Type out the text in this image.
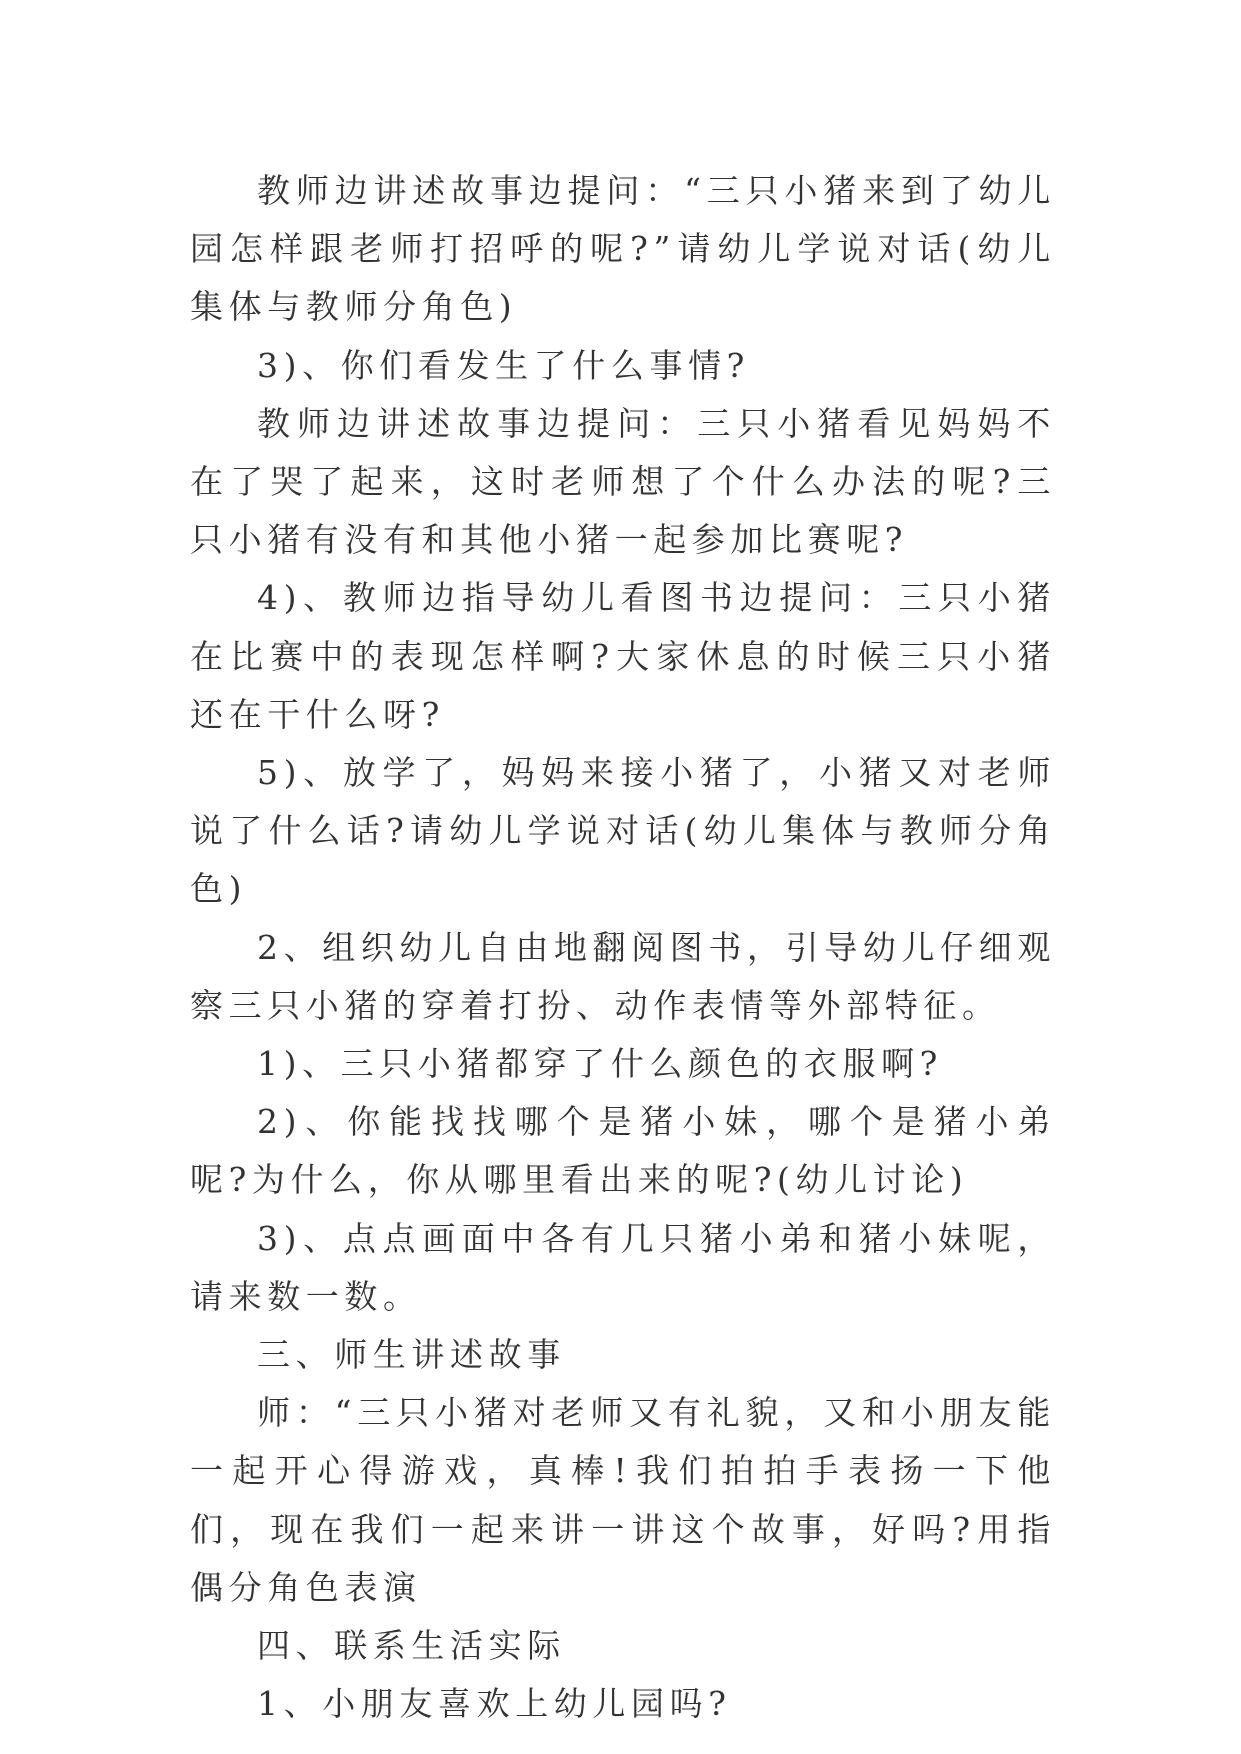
教师边讲述故事边提问：“三只小猪来到了幼儿园怎样跟老师打招呼的呢?”请幼儿学说对话(幼儿集体与教师分角色)

3)、你们看发生了什么事情?

教师边讲述故事边提问：三只小猪看见妈妈不在了哭了起来，这时老师想了个什么办法的呢?三只小猪有没有和其他小猪一起参加比赛呢?

4)、教师边指导幼儿看图书边提问：三只小猪在比赛中的表现怎样啊?大家休息的时候三只小猪还在干什么呀?

5)、放学了，妈妈来接小猪了，小猪又对老师说了什么话?请幼儿学说对话(幼儿集体与教师分角色)

2、组织幼儿自由地翻阅图书，引导幼儿仔细观察三只小猪的穿着打扮、动作表情等外部特征。

1)、三只小猪都穿了什么颜色的衣服啊?

2)、你能找找哪个是猪小妹，哪个是猪小弟呢?为什么，你从哪里看出来的呢?(幼儿讨论)

3)、点点画面中各有几只猪小弟和猪小妹呢，请来数一数。

三、师生讲述故事

师：“三只小猪对老师又有礼貌，又和小朋友能一起开心得游戏，真棒!我们拍拍手表扬一下他们，现在我们一起来讲一讲这个故事，好吗?用指偶分角色表演

四、联系生活实际

1、小朋友喜欢上幼儿园吗?
